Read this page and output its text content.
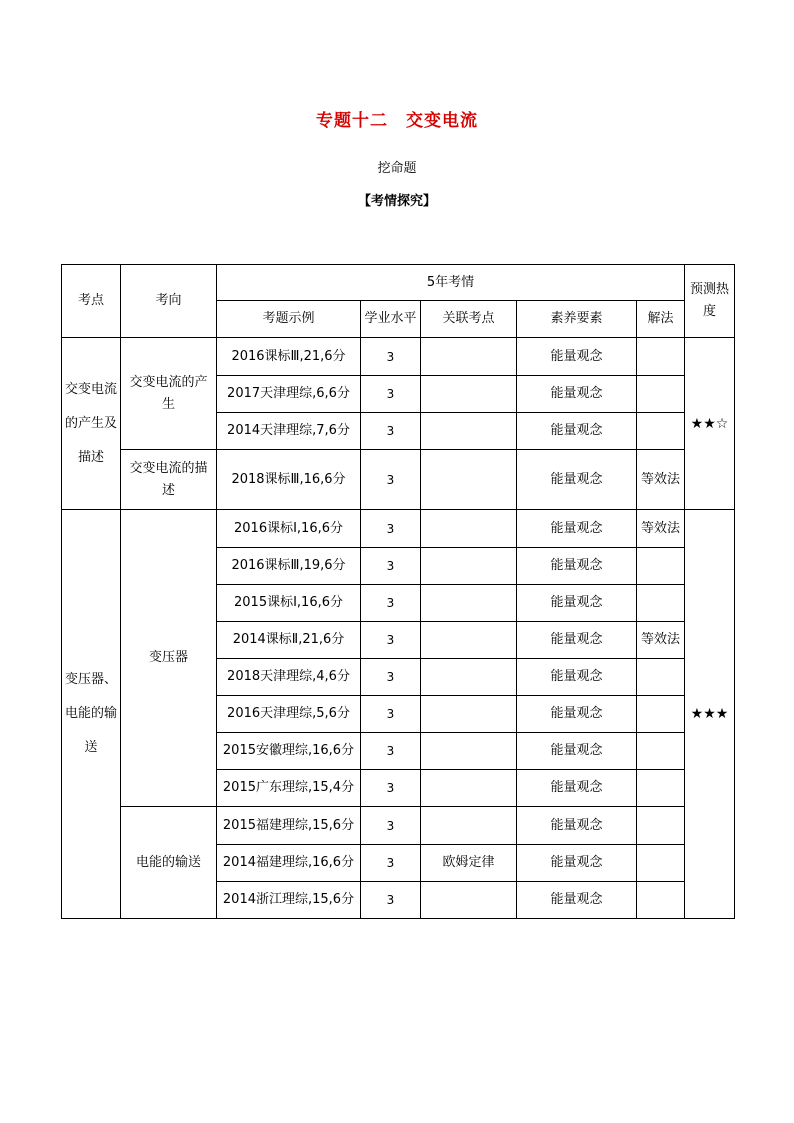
专题十二　交变电流
挖命题
【考情探究】
考点	考向	5年考情					预测热度
		考题示例	学业水平	关联考点	素养要素	解法	
交变电流的产生及描述	交变电流的产生	2016课标Ⅲ,21,6分	3		能量观念		★★☆
		2017天津理综,6,6分	3		能量观念		
		2014天津理综,7,6分	3		能量观念		
	交变电流的描述	2018课标Ⅲ,16,6分	3		能量观念	等效法	
变压器、电能的输送	变压器	2016课标Ⅰ,16,6分	3		能量观念	等效法	★★★
		2016课标Ⅲ,19,6分	3		能量观念		
		2015课标Ⅰ,16,6分	3		能量观念		
		2014课标Ⅱ,21,6分	3		能量观念	等效法	
		2018天津理综,4,6分	3		能量观念		
		2016天津理综,5,6分	3		能量观念		
		2015安徽理综,16,6分	3		能量观念		
		2015广东理综,15,4分	3		能量观念		
	电能的输送	2015福建理综,15,6分	3		能量观念		
		2014福建理综,16,6分	3	欧姆定律	能量观念		
		2014浙江理综,15,6分	3		能量观念		
